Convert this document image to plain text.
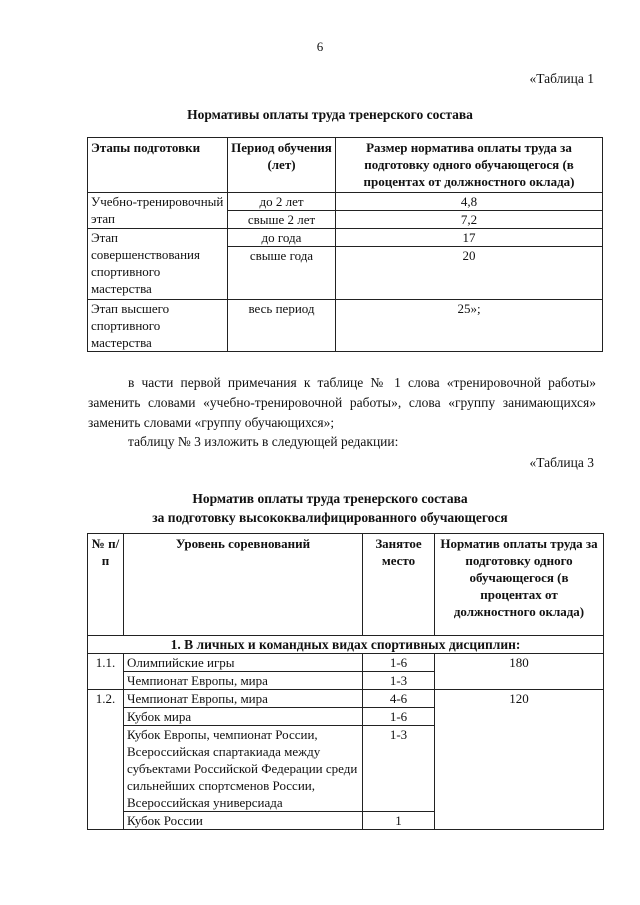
6
«Таблица 1
Нормативы оплаты труда тренерского состава
Этапы подготовки	Период обучения (лет)	Размер норматива оплаты труда за подготовку одного обучающегося (в процентах от должностного оклада)
Учебно-тренировочный этап	до 2 лет	4,8
	свыше 2 лет	7,2
Этап совершенствования спортивного мастерства	до года	17
	свыше года	20
Этап высшего спортивного мастерства	весь период	25»;
в части первой примечания к таблице № 1 слова «тренировочной работы» заменить словами «учебно-тренировочной работы», слова «группу занимающихся» заменить словами «группу обучающихся»;
таблицу № 3 изложить в следующей редакции:
«Таблица 3
Норматив оплаты труда тренерского состава
за подготовку высококвалифицированного обучающегося
№ п/п	Уровень соревнований	Занятое место	Норматив оплаты труда за подготовку одного обучающегося (в процентах от должностного оклада)
1. В личных и командных видах спортивных дисциплин:			
1.1.	Олимпийские игры	1-6	180
	Чемпионат Европы, мира	1-3	
1.2.	Чемпионат Европы, мира	4-6	120
	Кубок мира	1-6	
	Кубок Европы, чемпионат России, Всероссийская спартакиада между субъектами Российской Федерации среди сильнейших спортсменов России, Всероссийская универсиада	1-3	
	Кубок России	1	
